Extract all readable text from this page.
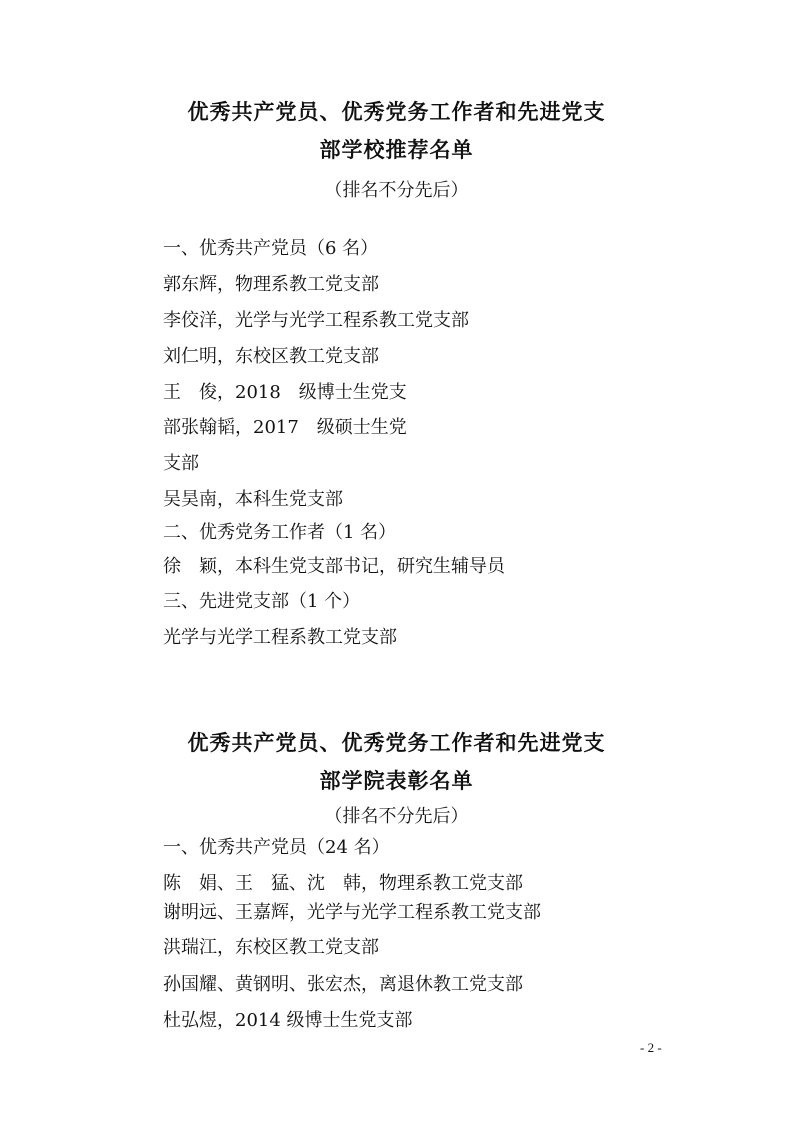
优秀共产党员、优秀党务工作者和先进党支
部学校推荐名单
（排名不分先后）
一、优秀共产党员（6 名）
郭东辉，物理系教工党支部
李佼洋，光学与光学工程系教工党支部
刘仁明，东校区教工党支部
王　俊，2018　级博士生党支
部张翰韬，2017　级硕士生党
支部
吴昊南，本科生党支部
二、优秀党务工作者（1 名）
徐　颖，本科生党支部书记，研究生辅导员
三、先进党支部（1 个）
光学与光学工程系教工党支部
优秀共产党员、优秀党务工作者和先进党支
部学院表彰名单
（排名不分先后）
一、优秀共产党员（24 名）
陈　娟、王　猛、沈　韩，物理系教工党支部
谢明远、王嘉辉，光学与光学工程系教工党支部
洪瑞江，东校区教工党支部
孙国耀、黄钢明、张宏杰，离退休教工党支部
杜弘煜，2014 级博士生党支部
- 2 -
